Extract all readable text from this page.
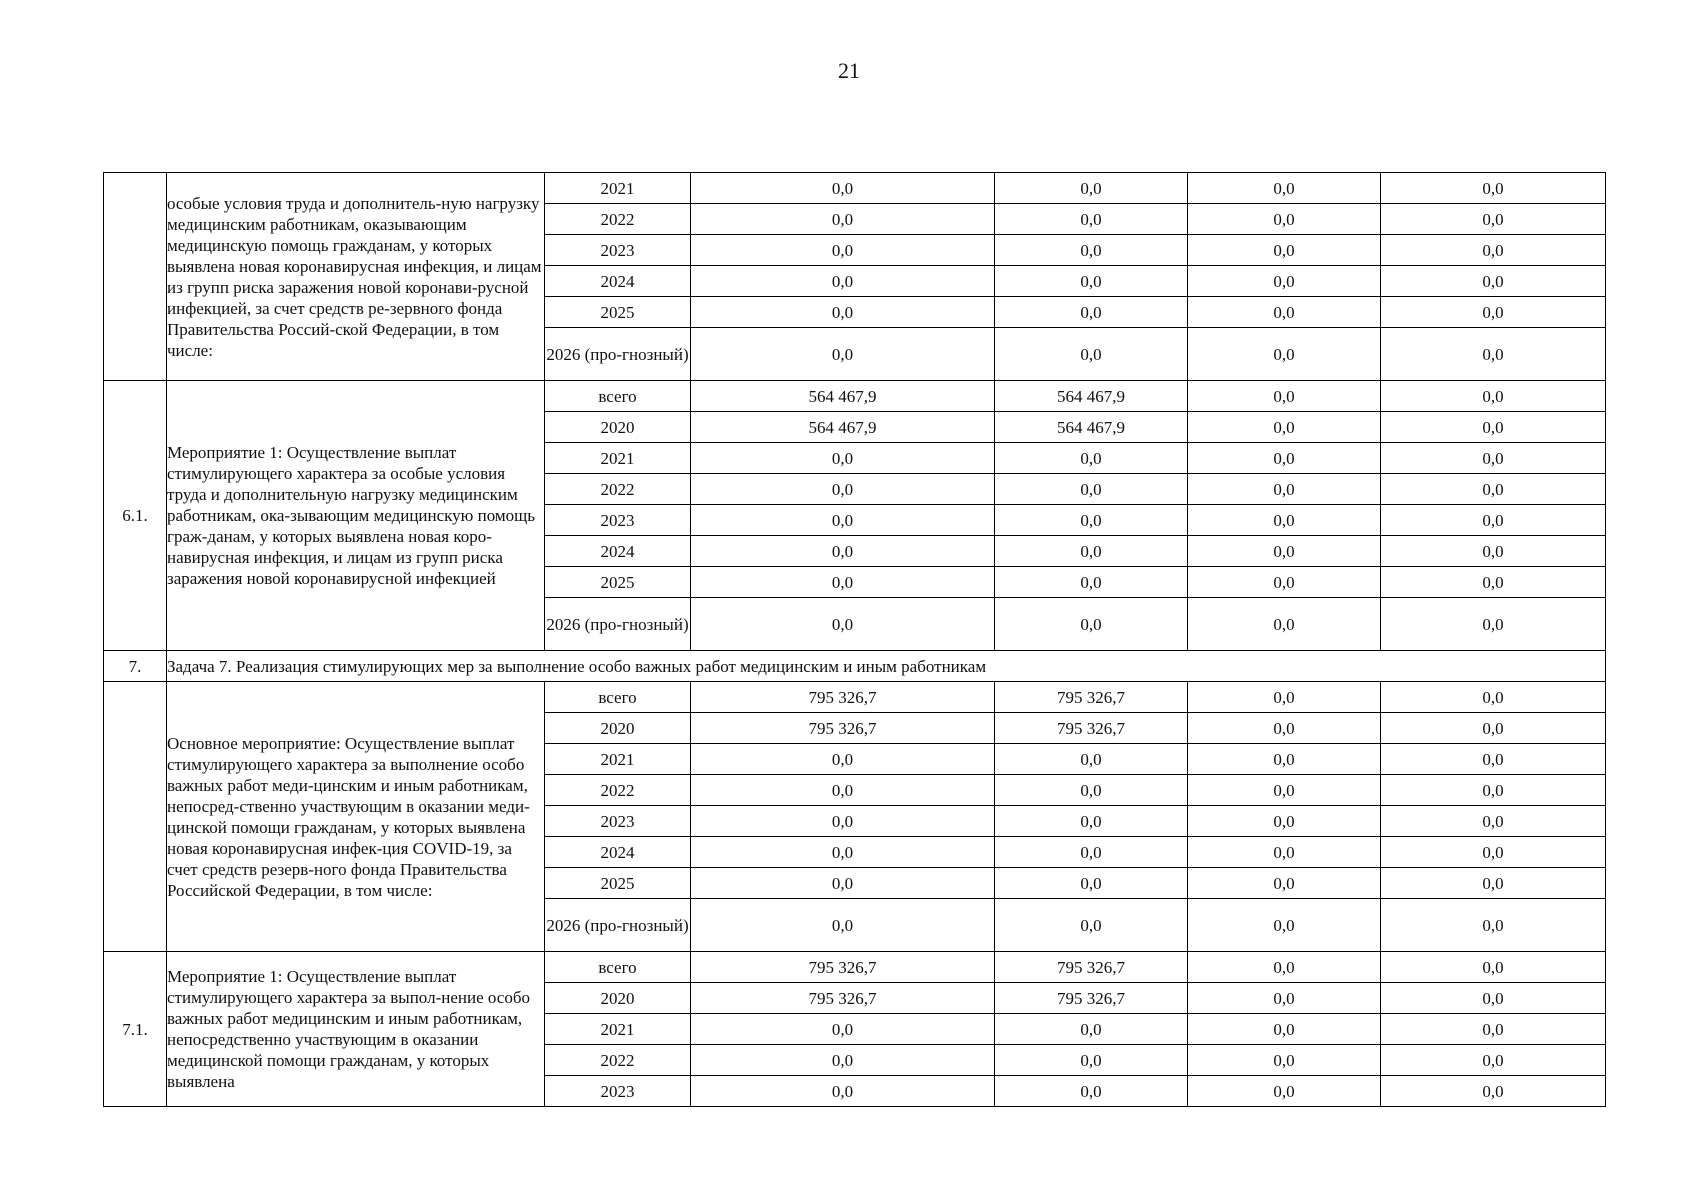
21
	особые условия труда и дополнитель-ную нагрузку медицинским работникам, оказывающим медицинскую помощь гражданам, у которых выявлена новая коронавирусная инфекция, и лицам из групп риска заражения новой коронави-русной инфекцией, за счет средств ре-зервного фонда Правительства Россий-ской Федерации, в том числе:	2021	0,0	0,0	0,0	0,0
		2022	0,0	0,0	0,0	0,0
		2023	0,0	0,0	0,0	0,0
		2024	0,0	0,0	0,0	0,0
		2025	0,0	0,0	0,0	0,0
		2026 (про-гнозный)	0,0	0,0	0,0	0,0
6.1.	Мероприятие 1: Осуществление выплат стимулирующего характера за особые условия труда и дополнительную нагрузку медицинским работникам, ока-зывающим медицинскую помощь граж-данам, у которых выявлена новая коро-навирусная инфекция, и лицам из групп риска заражения новой коронавирусной инфекцией	всего	564 467,9	564 467,9	0,0	0,0
		2020	564 467,9	564 467,9	0,0	0,0
		2021	0,0	0,0	0,0	0,0
		2022	0,0	0,0	0,0	0,0
		2023	0,0	0,0	0,0	0,0
		2024	0,0	0,0	0,0	0,0
		2025	0,0	0,0	0,0	0,0
		2026 (про-гнозный)	0,0	0,0	0,0	0,0
7.	Задача 7. Реализация стимулирующих мер за выполнение особо важных работ медицинским и иным работникам					
	Основное мероприятие: Осуществление выплат стимулирующего характера за выполнение особо важных работ меди-цинским и иным работникам, непосред-ственно участвующим в оказании меди-цинской помощи гражданам, у которых выявлена новая коронавирусная инфек-ция COVID-19, за счет средств резерв-ного фонда Правительства Российской Федерации, в том числе:	всего	795 326,7	795 326,7	0,0	0,0
		2020	795 326,7	795 326,7	0,0	0,0
		2021	0,0	0,0	0,0	0,0
		2022	0,0	0,0	0,0	0,0
		2023	0,0	0,0	0,0	0,0
		2024	0,0	0,0	0,0	0,0
		2025	0,0	0,0	0,0	0,0
		2026 (про-гнозный)	0,0	0,0	0,0	0,0
7.1.	Мероприятие 1: Осуществление выплат стимулирующего характера за выпол-нение особо важных работ медицинским и иным работникам, непосредственно участвующим в оказании медицинской помощи гражданам, у которых выявлена	всего	795 326,7	795 326,7	0,0	0,0
		2020	795 326,7	795 326,7	0,0	0,0
		2021	0,0	0,0	0,0	0,0
		2022	0,0	0,0	0,0	0,0
		2023	0,0	0,0	0,0	0,0
